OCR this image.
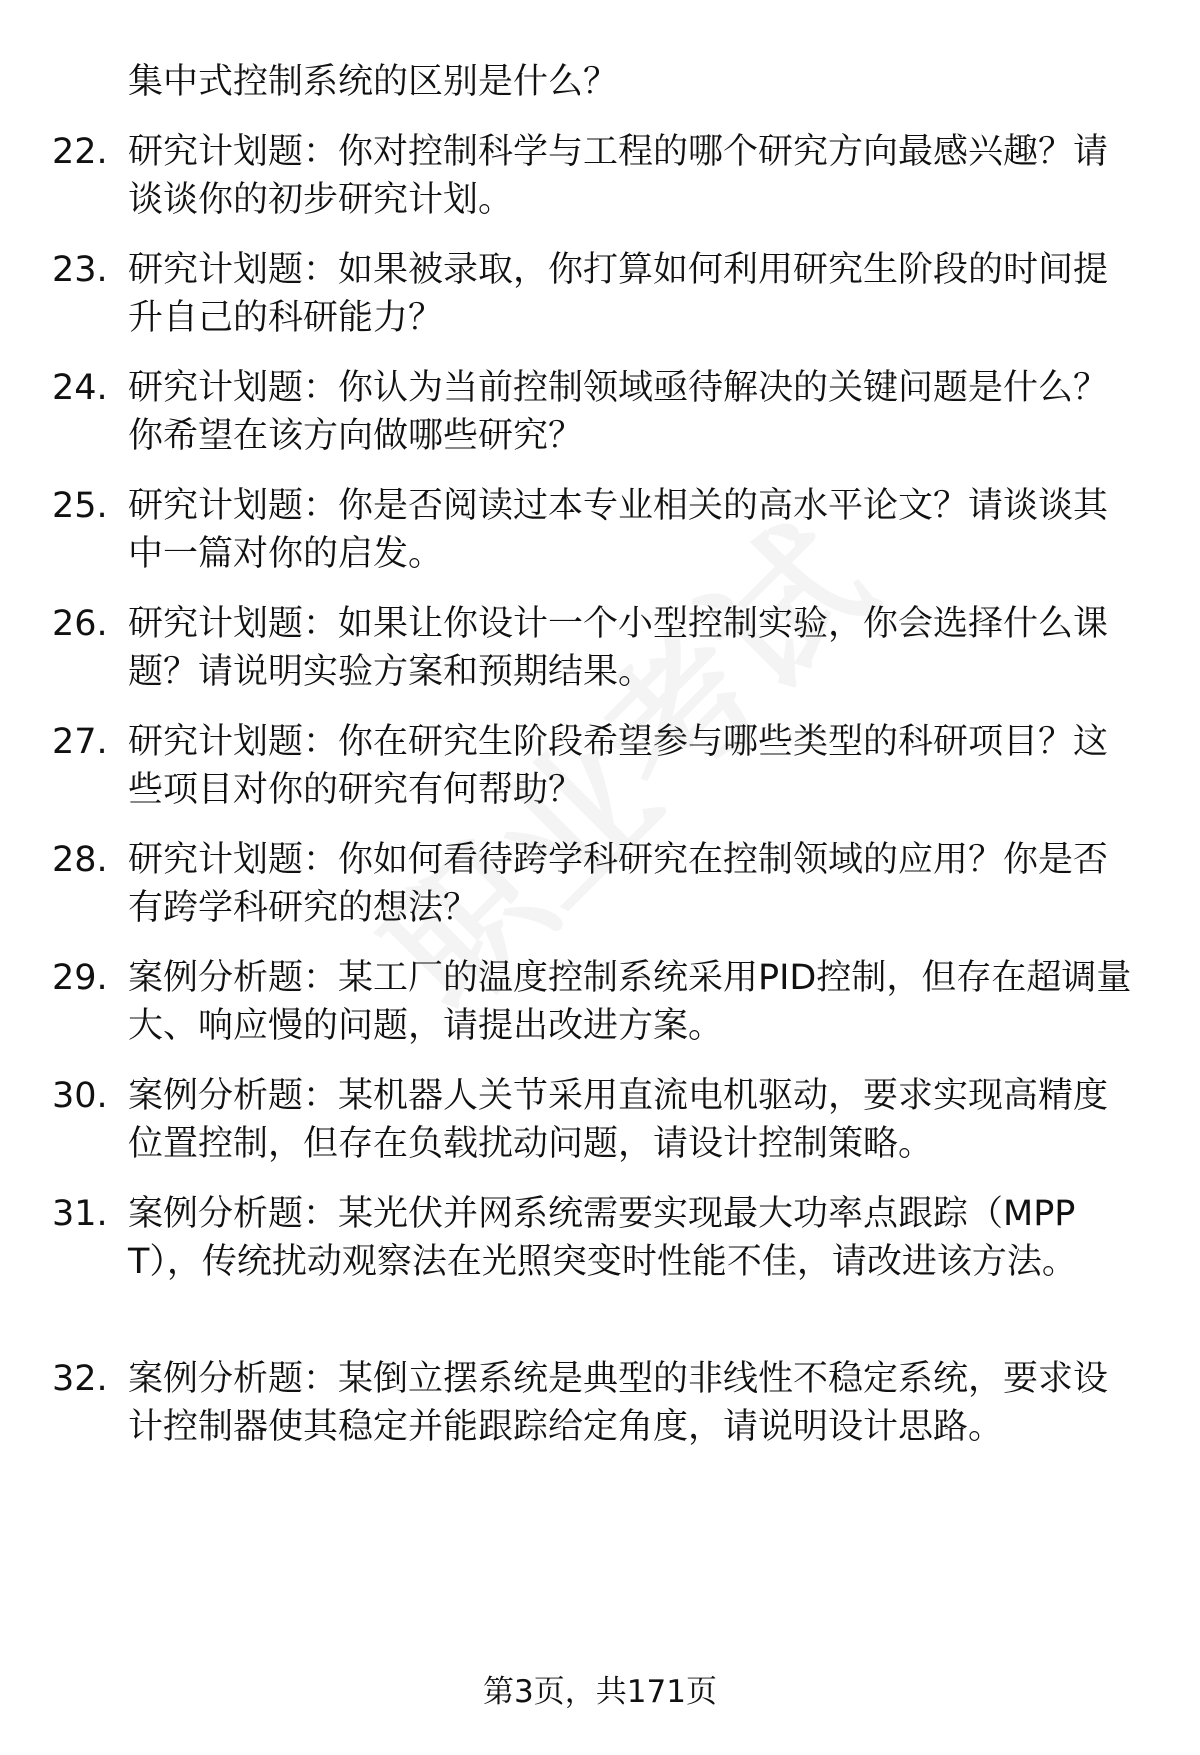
集中式控制系统的区别是什么？
22. 研究计划题：你对控制科学与工程的哪个研究方向最感兴趣？请谈谈你的初步研究计划。
23. 研究计划题：如果被录取，你打算如何利用研究生阶段的时间提升自己的科研能力？
24. 研究计划题：你认为当前控制领域亟待解决的关键问题是什么？你希望在该方向做哪些研究？
25. 研究计划题：你是否阅读过本专业相关的高水平论文？请谈谈其中一篇对你的启发。
26. 研究计划题：如果让你设计一个小型控制实验，你会选择什么课题？请说明实验方案和预期结果。
27. 研究计划题：你在研究生阶段希望参与哪些类型的科研项目？这些项目对你的研究有何帮助？
28. 研究计划题：你如何看待跨学科研究在控制领域的应用？你是否有跨学科研究的想法？
29. 案例分析题：某工厂的温度控制系统采用PID控制，但存在超调量大、响应慢的问题，请提出改进方案。
30. 案例分析题：某机器人关节采用直流电机驱动，要求实现高精度位置控制，但存在负载扰动问题，请设计控制策略。
31. 案例分析题：某光伏并网系统需要实现最大功率点跟踪（MPPT），传统扰动观察法在光照突变时性能不佳，请改进该方法。
32. 案例分析题：某倒立摆系统是典型的非线性不稳定系统，要求设计控制器使其稳定并能跟踪给定角度，请说明设计思路。
第3页，共171页
